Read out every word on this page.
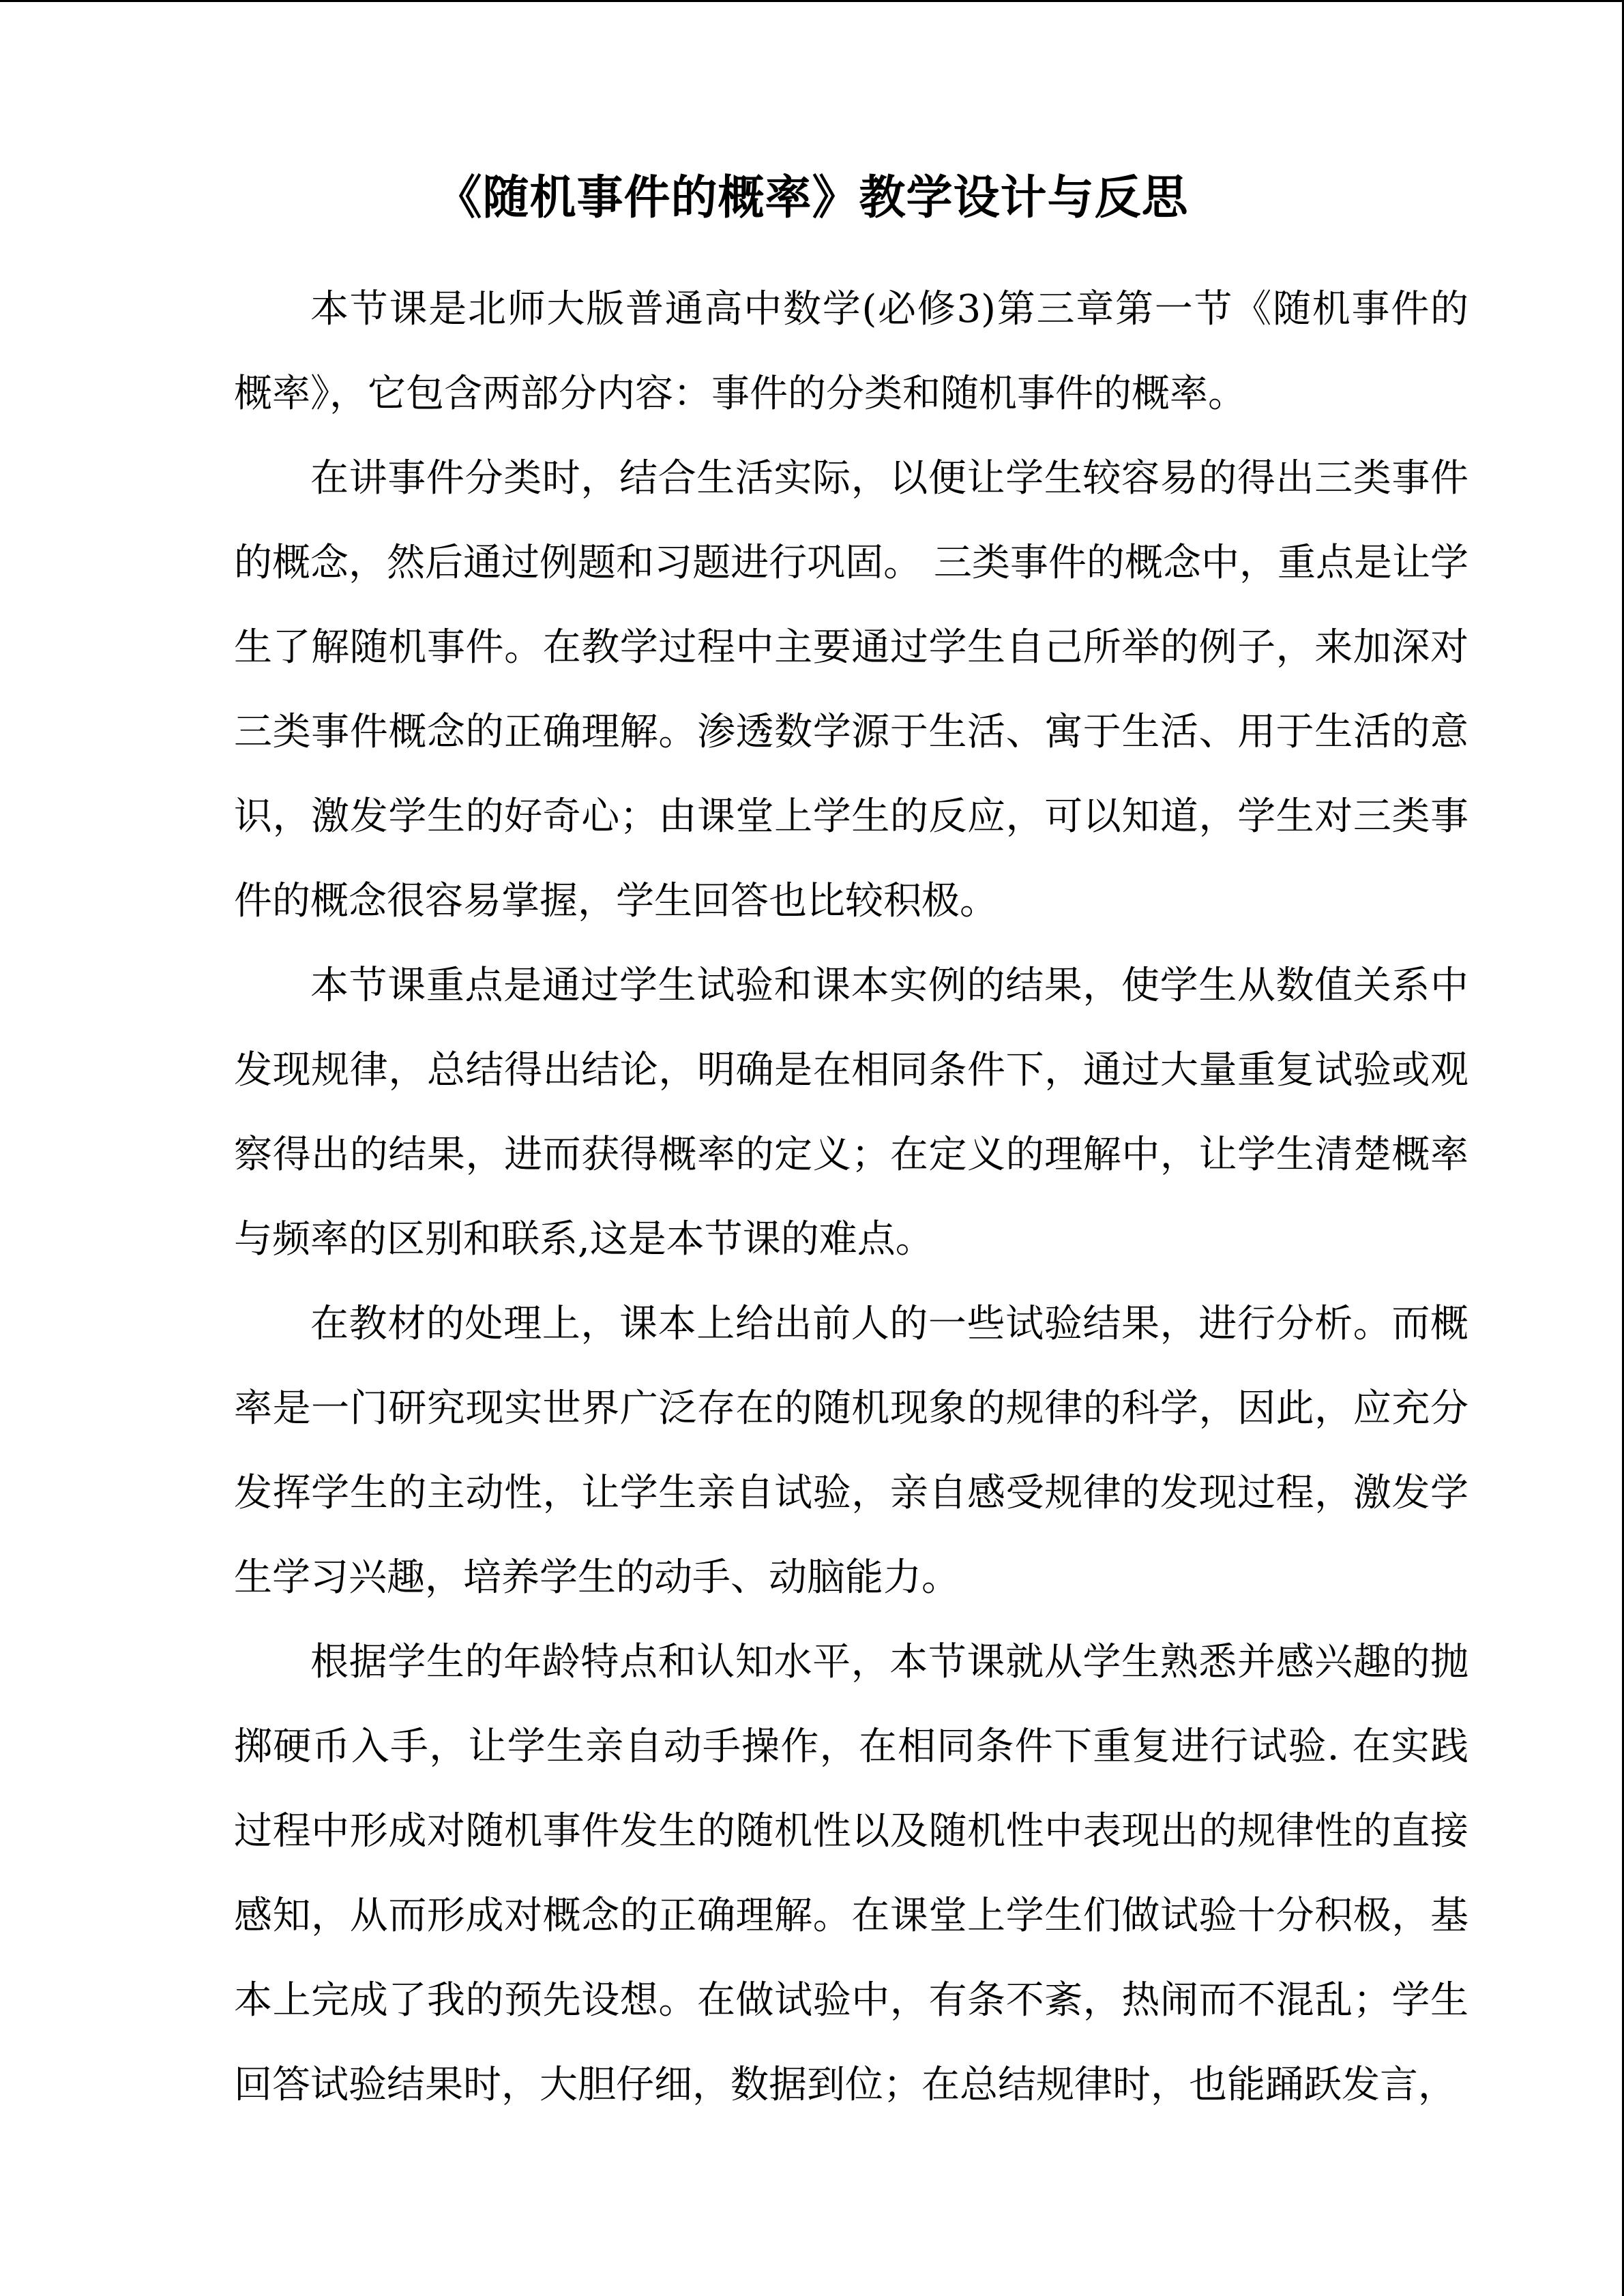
《随机事件的概率》教学设计与反思

本节课是北师大版普通高中数学(必修3)第三章第一节《随机事件的概率》，它包含两部分内容：事件的分类和随机事件的概率。

在讲事件分类时，结合生活实际，以便让学生较容易的得出三类事件的概念，然后通过例题和习题进行巩固。 三类事件的概念中，重点是让学生了解随机事件。在教学过程中主要通过学生自己所举的例子，来加深对三类事件概念的正确理解。渗透数学源于生活、寓于生活、用于生活的意识，激发学生的好奇心；由课堂上学生的反应，可以知道，学生对三类事件的概念很容易掌握，学生回答也比较积极。

本节课重点是通过学生试验和课本实例的结果，使学生从数值关系中发现规律，总结得出结论，明确是在相同条件下，通过大量重复试验或观察得出的结果，进而获得概率的定义；在定义的理解中，让学生清楚概率与频率的区别和联系,这是本节课的难点。

在教材的处理上，课本上给出前人的一些试验结果，进行分析。而概率是一门研究现实世界广泛存在的随机现象的规律的科学，因此，应充分发挥学生的主动性，让学生亲自试验，亲自感受规律的发现过程，激发学生学习兴趣，培养学生的动手、动脑能力。

根据学生的年龄特点和认知水平，本节课就从学生熟悉并感兴趣的抛掷硬币入手，让学生亲自动手操作，在相同条件下重复进行试验. 在实践过程中形成对随机事件发生的随机性以及随机性中表现出的规律性的直接感知，从而形成对概念的正确理解。在课堂上学生们做试验十分积极，基本上完成了我的预先设想。在做试验中，有条不紊，热闹而不混乱；学生回答试验结果时，大胆仔细，数据到位；在总结规律时，也能踊跃发言，
